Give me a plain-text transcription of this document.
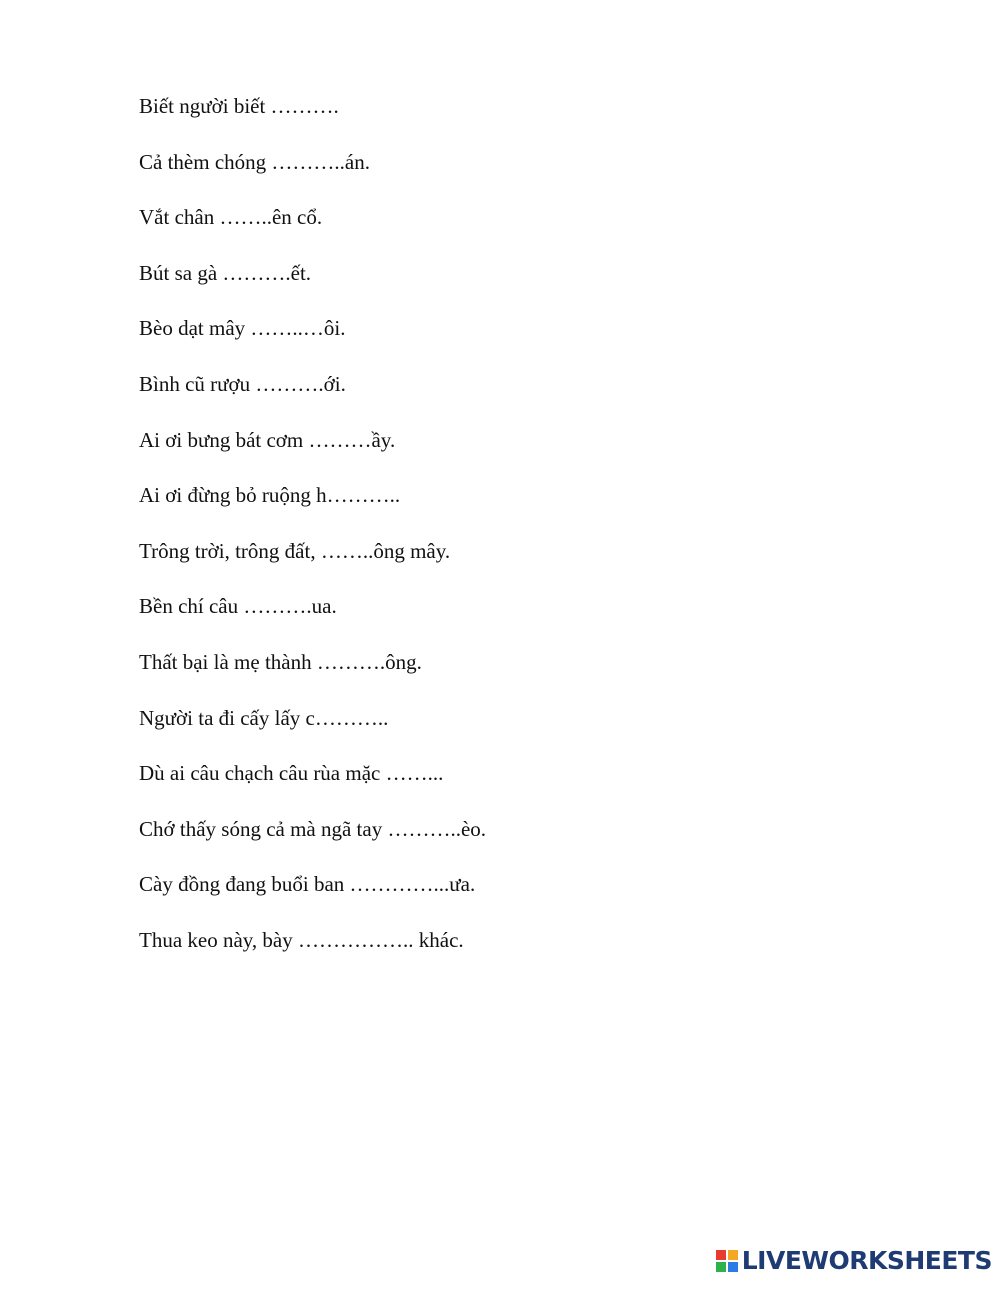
Biết người biết ……….
Cả thèm chóng ………..án.
Vắt chân ……..ên cổ.
Bút sa gà ……….ết.
Bèo dạt mây ……..…ôi.
Bình cũ rượu ……….ới.
Ai ơi bưng bát cơm ………ầy.
Ai ơi đừng bỏ ruộng h………..
Trông trời, trông đất, ……..ông mây.
Bền chí câu ……….ua.
Thất bại là mẹ thành ……….ông.
Người ta đi cấy lấy c………..
Dù ai câu chạch câu rùa mặc ……...
Chớ thấy sóng cả mà ngã tay ………..èo.
Cày đồng đang buổi ban …………...ưa.
Thua keo này, bày …………….. khác.
LIVEWORKSHEETS
